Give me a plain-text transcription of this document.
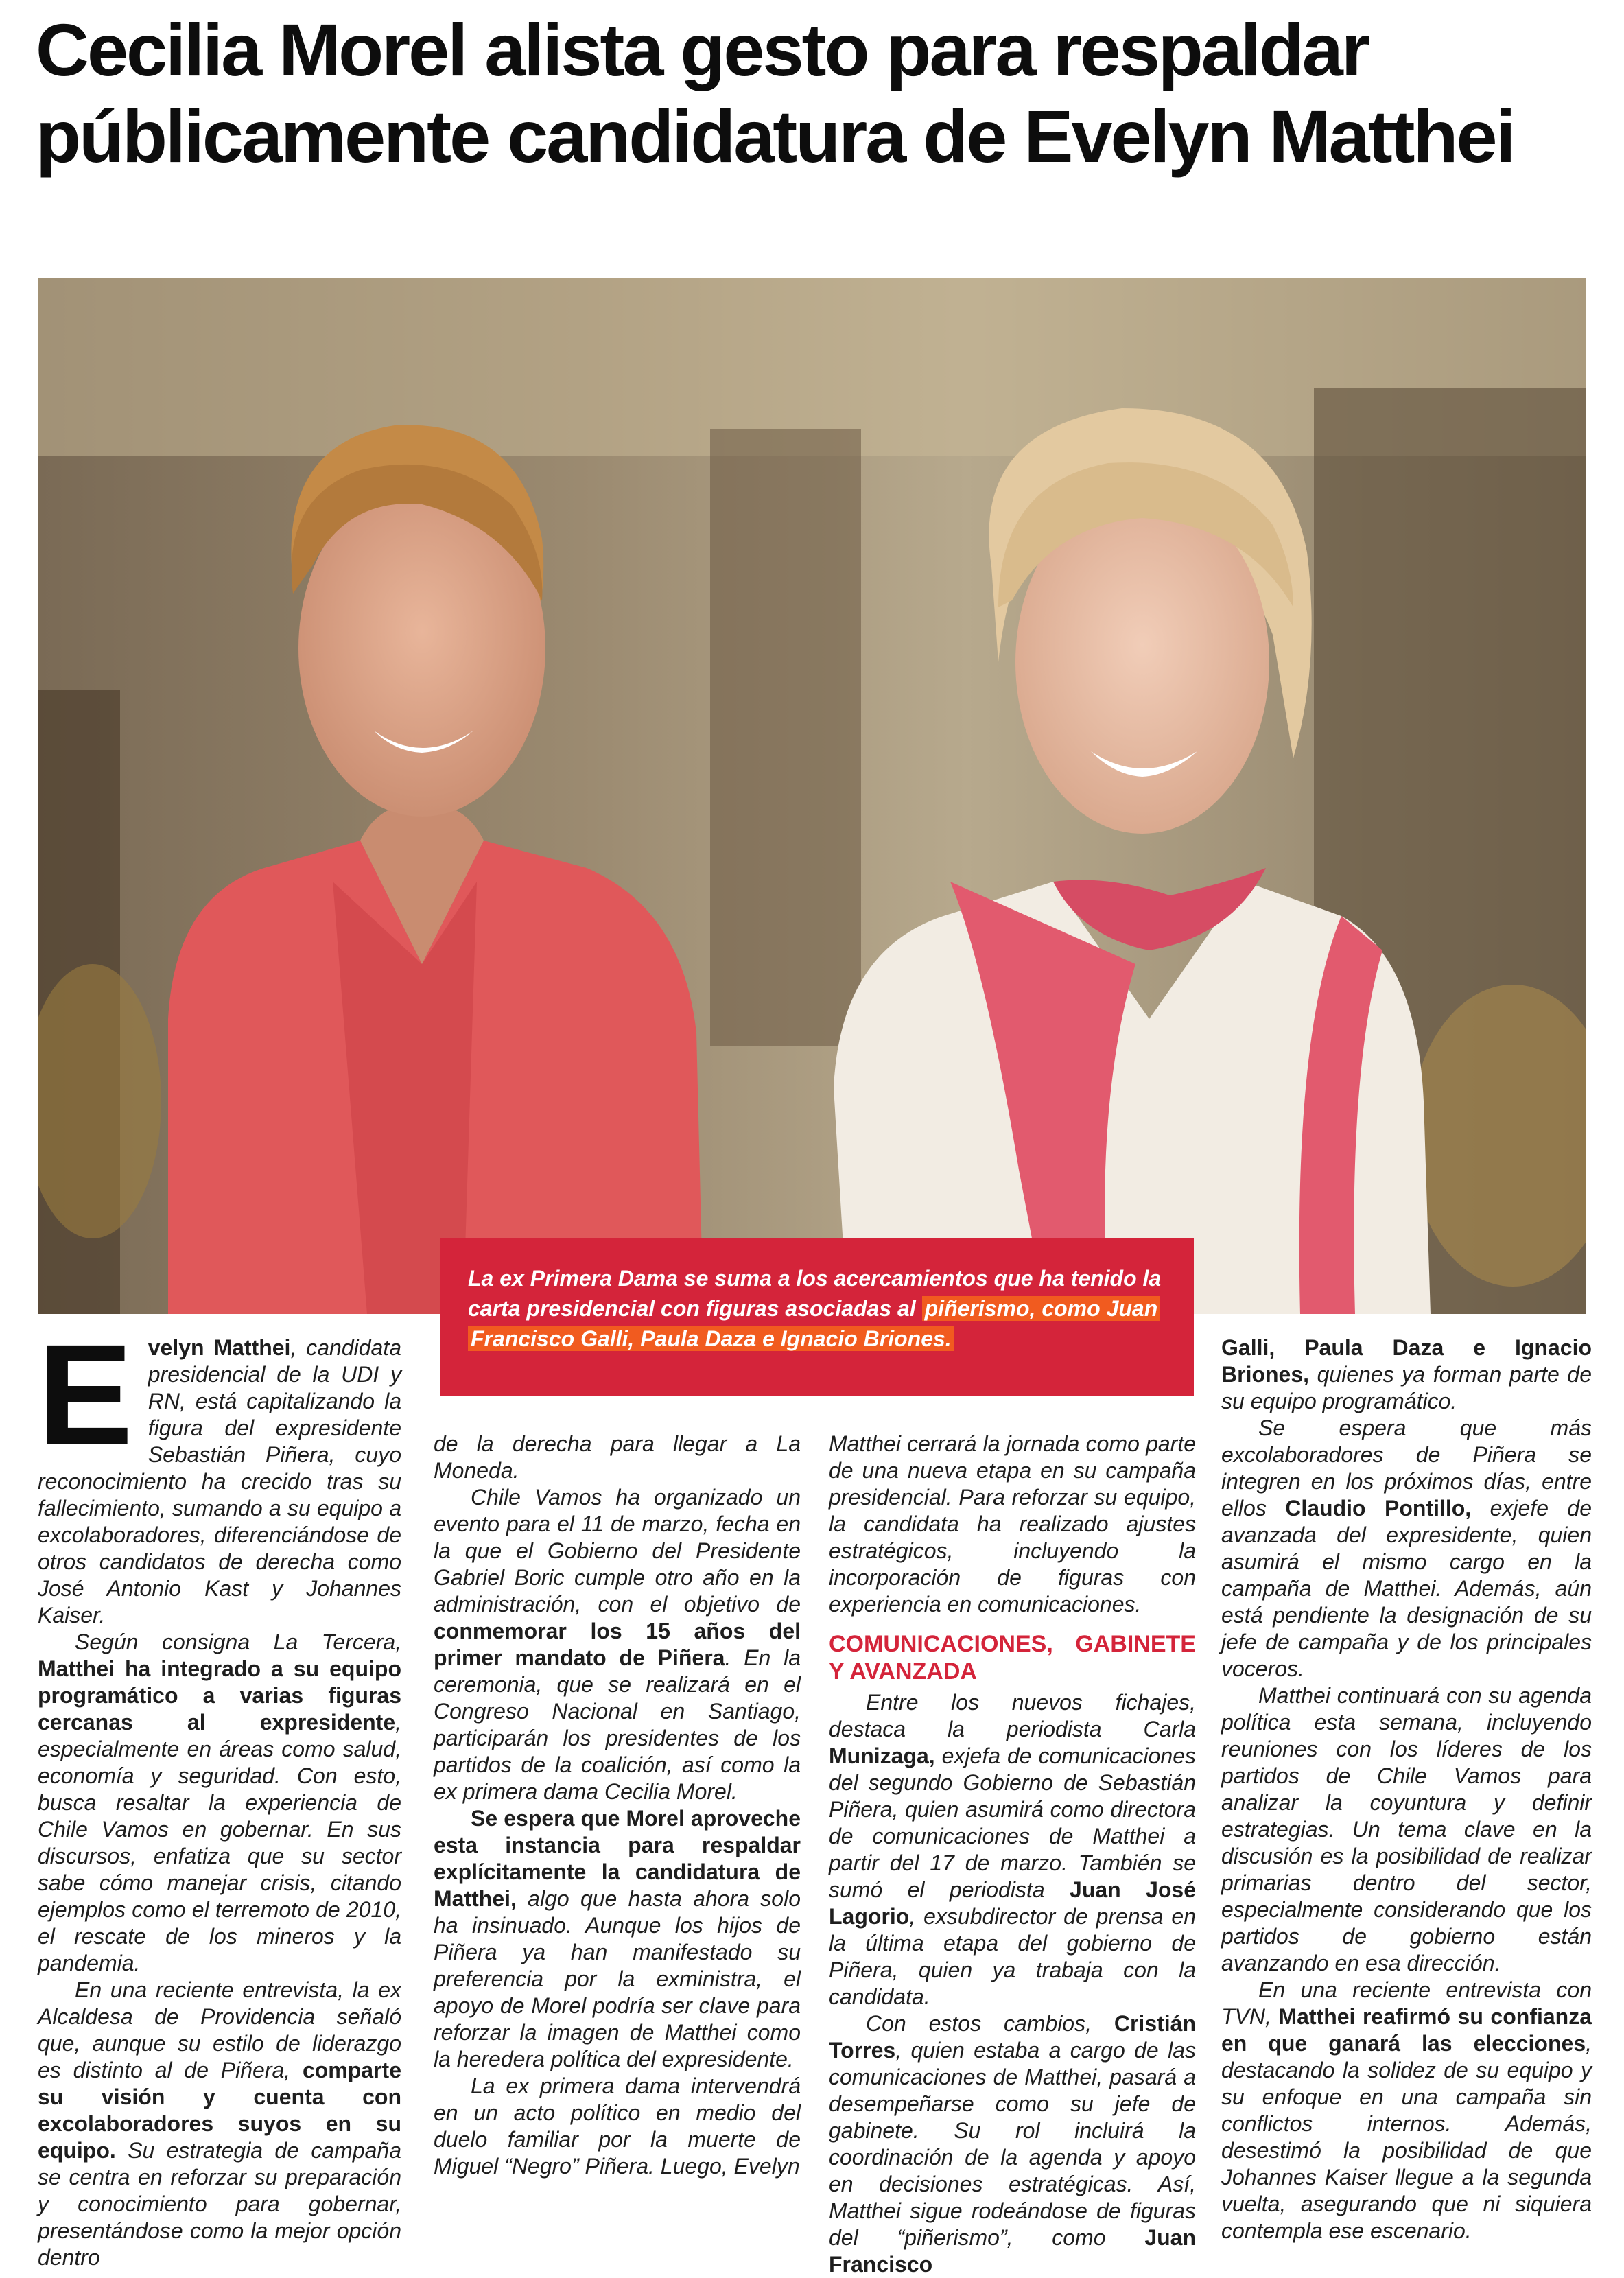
Cecilia Morel alista gesto para respaldar públicamente candidatura de Evelyn Matthei
La ex Primera Dama se suma a los acercamientos que ha tenido la carta presidencial con figuras asociadas al piñerismo, como Juan Francisco Galli, Paula Daza e Ignacio Briones.
E velyn Matthei, candidata presidencial de la UDI y RN, está capitalizando la figura del expresidente Sebastián Piñera, cuyo reconocimiento ha crecido tras su fallecimiento, sumando a su equipo a excolaboradores, diferenciándose de otros candidatos de derecha como José Antonio Kast y Johannes Kaiser.

Según consigna La Tercera, Matthei ha integrado a su equipo programático a varias figuras cercanas al expresidente, especialmente en áreas como salud, economía y seguridad. Con esto, busca resaltar la experiencia de Chile Vamos en gobernar. En sus discursos, enfatiza que su sector sabe cómo manejar crisis, citando ejemplos como el terremoto de 2010, el rescate de los mineros y la pandemia.

En una reciente entrevista, la ex Alcaldesa de Providencia señaló que, aunque su estilo de liderazgo es distinto al de Piñera, comparte su visión y cuenta con excolaboradores suyos en su equipo. Su estrategia de campaña se centra en reforzar su preparación y conocimiento para gobernar, presentándose como la mejor opción dentro

de la derecha para llegar a La Moneda.

Chile Vamos ha organizado un evento para el 11 de marzo, fecha en la que el Gobierno del Presidente Gabriel Boric cumple otro año en la administración, con el objetivo de conmemorar los 15 años del primer mandato de Piñera. En la ceremonia, que se realizará en el Congreso Nacional en Santiago, participarán los presidentes de los partidos de la coalición, así como la ex primera dama Cecilia Morel.

Se espera que Morel aproveche esta instancia para respaldar explícitamente la candidatura de Matthei, algo que hasta ahora solo ha insinuado. Aunque los hijos de Piñera ya han manifestado su preferencia por la exministra, el apoyo de Morel podría ser clave para reforzar la imagen de Matthei como la heredera política del expresidente.

La ex primera dama intervendrá en un acto político en medio del duelo familiar por la muerte de Miguel “Negro” Piñera. Luego, Evelyn

Matthei cerrará la jornada como parte de una nueva etapa en su campaña presidencial. Para reforzar su equipo, la candidata ha realizado ajustes estratégicos, incluyendo la incorporación de figuras con experiencia en comunicaciones.

COMUNICACIONES, GABINETE Y AVANZADA

Entre los nuevos fichajes, destaca la periodista Carla Munizaga, exjefa de comunicaciones del segundo Gobierno de Sebastián Piñera, quien asumirá como directora de comunicaciones de Matthei a partir del 17 de marzo. También se sumó el periodista Juan José Lagorio, exsubdirector de prensa en la última etapa del gobierno de Piñera, quien ya trabaja con la candidata.

Con estos cambios, Cristián Torres, quien estaba a cargo de las comunicaciones de Matthei, pasará a desempeñarse como su jefe de gabinete. Su rol incluirá la coordinación de la agenda y apoyo en decisiones estratégicas. Así, Matthei sigue rodeándose de figuras del “piñerismo”, como Juan Francisco

Galli, Paula Daza e Ignacio Briones, quienes ya forman parte de su equipo programático.

Se espera que más excolaboradores de Piñera se integren en los próximos días, entre ellos Claudio Pontillo, exjefe de avanzada del expresidente, quien asumirá el mismo cargo en la campaña de Matthei. Además, aún está pendiente la designación de su jefe de campaña y de los principales voceros.

Matthei continuará con su agenda política esta semana, incluyendo reuniones con los líderes de los partidos de Chile Vamos para analizar la coyuntura y definir estrategias. Un tema clave en la discusión es la posibilidad de realizar primarias dentro del sector, especialmente considerando que los partidos de gobierno están avanzando en esa dirección.

En una reciente entrevista con TVN, Matthei reafirmó su confianza en que ganará las elecciones, destacando la solidez de su equipo y su enfoque en una campaña sin conflictos internos. Además, desestimó la posibilidad de que Johannes Kaiser llegue a la segunda vuelta, asegurando que ni siquiera contempla ese escenario.
